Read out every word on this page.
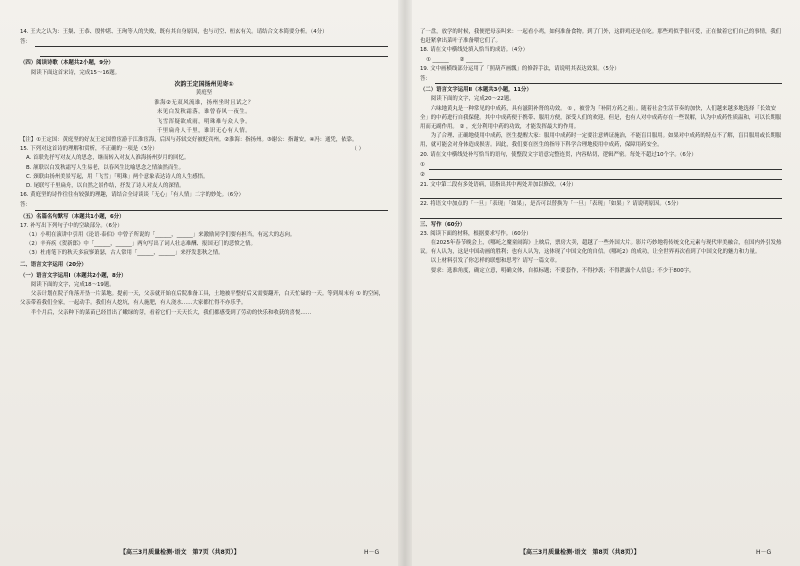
14. 王夫之认为：王粲、王恭、殷仲堪、王珣等人的失败，既有其自身原因，也与司空、桓玄有关。请结合文本简要分析。（4分）

答：

（四）阅读诗歌（本题共2小题，9分）

阅读下面这首宋诗，完成15～16题。

次韵王定国扬州见寄①

黄庭坚

淮海②无双风流谁，扬州坐时且试之？

未见白发秋霜落，谁曾春风一夜生。

飞雪浑疑欲成雨，明珠难与众人争。

千里扁舟人千里，谁识无心有人情。

【注】①王定国：黄庭坚的好友王定国曾宦游于江淮宦海，后因与苏轼交好被贬宾州。②淮海：指扬州。③谢公：指谢安。④冯：通凭，依靠。

15. 下列对这首诗的理解和赏析，不正确的一项是（3分）	（ ）

A. 首联先抒写对友人的思念，继而转入对友人淮海扬州岁月的回忆。

B. 颔联以白发秋霜写人生易老，以春风生比喻思念之情油然而生。

C. 颈联由扬州美景写起，用「飞雪」「明珠」两个意象表达诗人的人生感悟。

D. 尾联写千里扁舟，以自然之景作结，抒发了诗人对友人的深情。

16. 黄庭坚的诗作往往有较强的理趣，请结合全诗谈谈「无心」「有人情」二字的妙处。（6分）

答：

（五）名篇名句默写（本题共1小题，6分）

17. 补写出下列句子中的空缺部分。（6分）

（1）小明在演讲中引用《论语·泰伯》中曾子所说的「______，______」来激励同学们要有担当，有远大的志向。

（2）辛弃疾《贺新郎》中「______，______」两句写出了词人壮志难酬、报国无门的悲愤之情。

（3）杜甫笔下的秋天多寂寥萧瑟，古人常用「______，______」来抒发悲秋之情。

二、语言文字运用（20分）

（一）语言文字运用Ⅰ（本题共2小题，8分）

阅读下面的文字，完成18～19题。

父亲计划在院子角落开垦一片菜地。提前一天，父亲就开始在后院准备工具，土地被平整好后又需要翻开，白天忙碌的一天。等到周末有 ① 的空闲，父亲带着我们全家，一起动手。我们有人挖坑，有人施肥，有人浇水……大家都忙得不亦乐乎。

半个月后，父亲种下的菜苗已经冒出了嫩绿的芽，看着它们一天天长大，我们都感受到了劳动的快乐和收获的喜悦……

【高三3月质量检测·语文　第7页（共8页）】	H－G

了一盘，放学的时候，我便把母亲叫来：一起看小鸡，如何准备食物。到了门外，这群鸡还是在吃。那些鸡似乎很可爱，正在做着它们自己的事情，我们也赶紧拿出菜叶子准备喂它们了。

18. 请在文中横线处填入恰当的成语。（4分）

① ______　　② ______

19. 文中画横线部分运用了「照葫芦画瓢」的修辞手法，请说明其表达效果。（5分）

答：

（二）语言文字运用Ⅱ（本题共3小题，11分）

阅读下面的文字，完成20～22题。

六味地黄丸是一种常见的中成药，具有滋阴补肾的功效。 ① ，被誉为「补阴方药之祖」。随着社会生活节奏的加快，人们越来越多地选择「长效安全」的中药进行自我保健。其中中成药便于携带、服用方便，深受人们的欢迎。但是，也有人对中成药存在一些误解，认为中成药性质温和，可以长期服用而无副作用。 ② ，充分利用中药的功效，才能发挥最大的作用。

为了合理、正确地使用中成药，医生提醒大家：服用中成药时一定要注意辨证施治，不能盲目服用。如果对中成药的特点不了解，盲目服用或长期服用，就可能会对身体造成损害。因此，我们要在医生的指导下科学合理地使用中成药，保障用药安全。

20. 请在文中横线处补写恰当的语句，使整段文字语意完整连贯，内容贴切，逻辑严密。每处不超过10个字。（6分）

①
②

21. 文中第二段有多处语病，请指出其中两处并加以修改。（4分）

22. 将语文中加点的「一旦」「表现」「如果」，是否可以替换为「一旦」「表现」「如果」？请说明原因。（5分）

三、写作（60分）

23. 阅读下面的材料，根据要求写作。（60分）

在2025年春节晚会上，《哪吒之魔童闹海》上映后，票房大卖，超越了一些外国大片。影片巧妙地将传统文化元素与现代审美融合，在国内外引发热议。有人认为，这是中国动画的胜利；也有人认为，这体现了中国文化的自信。《哪吒2》的成功，让全世界再次看到了中国文化的魅力和力量。

以上材料引发了你怎样的联想和思考？请写一篇文章。

要求：选准角度，确定立意，明确文体，自拟标题；不要套作，不得抄袭；不得泄露个人信息；不少于800字。

【高三3月质量检测·语文　第8页（共8页）】	H－G
